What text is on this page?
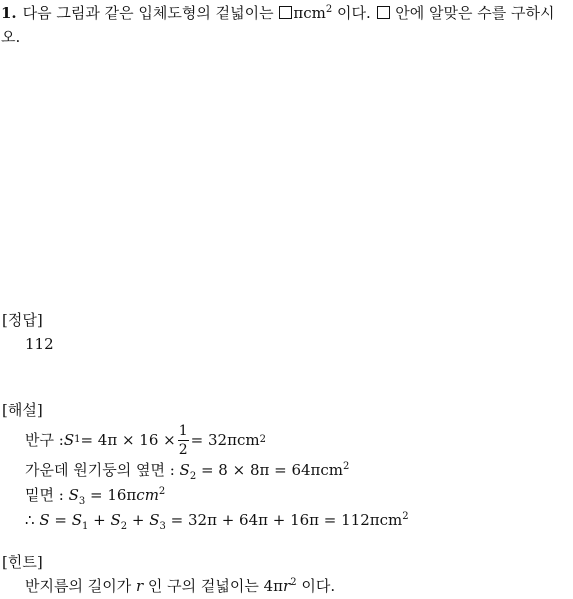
1. 다음 그림과 같은 입체도형의 겉넓이는 πcm$^2$ 이다.  안에 알맞은 수를 구하시오.
[정답]
112
[해설]
반구 : S $1 = 4\pi \times 16 \times \frac{1}{2} = 32\pi cm$ 2
가운데 원기둥의 옆면 : $S_2 = 8 \times 8\pi = 64\pi cm^2$
밑면 : $S_3 = 16\pi cm^2$
∴ $S = S_1 + S_2 + S_3 = 32\pi + 64\pi + 16\pi = 112\pi cm^2$
[힌트]
반지름의 길이가 r 인 구의 겉넓이는 $4\pi r^2$ 이다.
